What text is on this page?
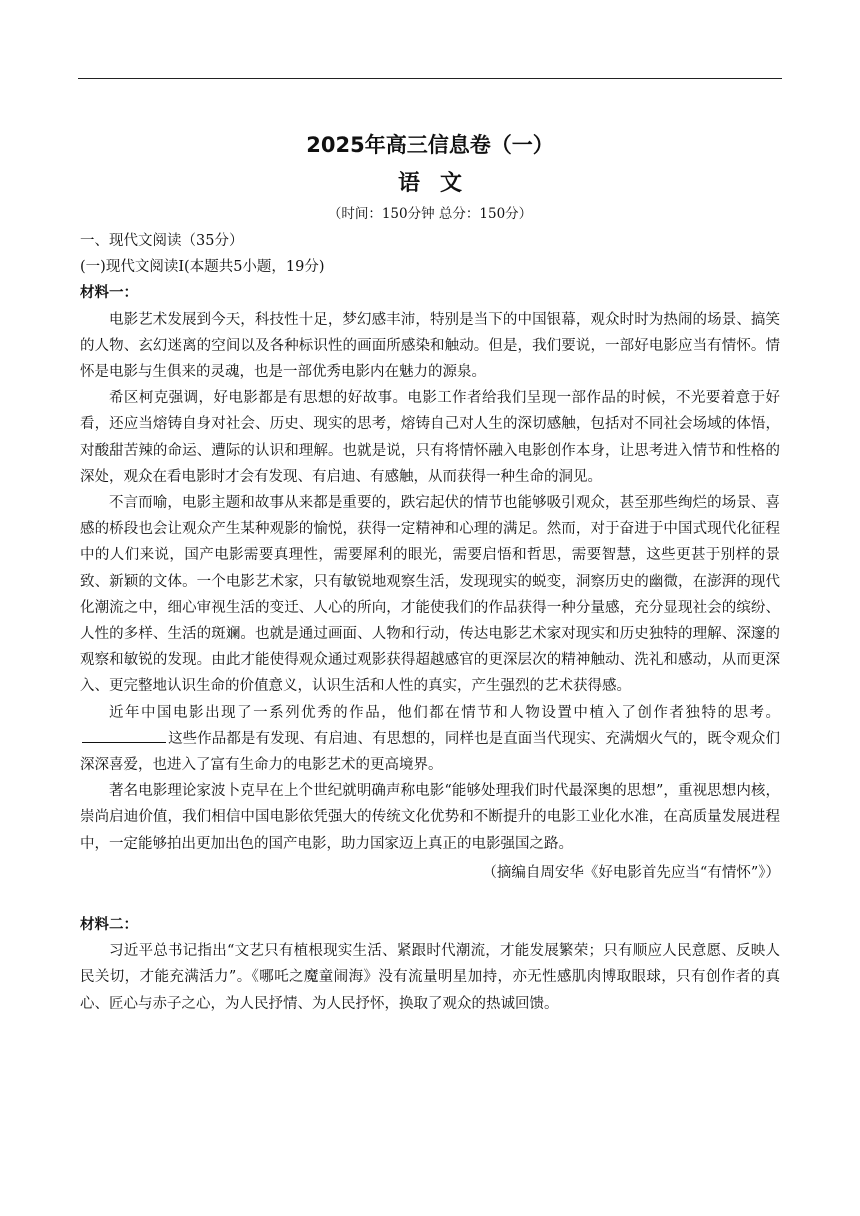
2025年高三信息卷（一）
语文
（时间：150分钟 总分：150分）

一、现代文阅读（35分）

(一)现代文阅读Ⅰ(本题共5小题，19分)

材料一：

电影艺术发展到今天，科技性十足，梦幻感丰沛，特别是当下的中国银幕，观众时时为热闹的场景、搞笑的人物、玄幻迷离的空间以及各种标识性的画面所感染和触动。但是，我们要说，一部好电影应当有情怀。情怀是电影与生俱来的灵魂，也是一部优秀电影内在魅力的源泉。

希区柯克强调，好电影都是有思想的好故事。电影工作者给我们呈现一部作品的时候，不光要着意于好看，还应当熔铸自身对社会、历史、现实的思考，熔铸自己对人生的深切感触，包括对不同社会场域的体悟，对酸甜苦辣的命运、遭际的认识和理解。也就是说，只有将情怀融入电影创作本身，让思考进入情节和性格的深处，观众在看电影时才会有发现、有启迪、有感触，从而获得一种生命的洞见。

不言而喻，电影主题和故事从来都是重要的，跌宕起伏的情节也能够吸引观众，甚至那些绚烂的场景、喜感的桥段也会让观众产生某种观影的愉悦，获得一定精神和心理的满足。然而，对于奋进于中国式现代化征程中的人们来说，国产电影需要真理性，需要犀利的眼光，需要启悟和哲思，需要智慧，这些更甚于别样的景致、新颖的文体。一个电影艺术家，只有敏锐地观察生活，发现现实的蜕变，洞察历史的幽微，在澎湃的现代化潮流之中，细心审视生活的变迁、人心的所向，才能使我们的作品获得一种分量感，充分显现社会的缤纷、人性的多样、生活的斑斓。也就是通过画面、人物和行动，传达电影艺术家对现实和历史独特的理解、深邃的观察和敏锐的发现。由此才能使得观众通过观影获得超越感官的更深层次的精神触动、洗礼和感动，从而更深入、更完整地认识生命的价值意义，认识生活和人性的真实，产生强烈的艺术获得感。

近年中国电影出现了一系列优秀的作品，他们都在情节和人物设置中植入了创作者独特的思考。这些作品都是有发现、有启迪、有思想的，同样也是直面当代现实、充满烟火气的，既令观众们深深喜爱，也进入了富有生命力的电影艺术的更高境界。

著名电影理论家波卜克早在上个世纪就明确声称电影“能够处理我们时代最深奥的思想”，重视思想内核，崇尚启迪价值，我们相信中国电影依凭强大的传统文化优势和不断提升的电影工业化水准，在高质量发展进程中，一定能够拍出更加出色的国产电影，助力国家迈上真正的电影强国之路。

（摘编自周安华《好电影首先应当“有情怀”》）

材料二：

习近平总书记指出“文艺只有植根现实生活、紧跟时代潮流，才能发展繁荣；只有顺应人民意愿、反映人民关切，才能充满活力”。《哪吒之魔童闹海》没有流量明星加持，亦无性感肌肉博取眼球，只有创作者的真心、匠心与赤子之心，为人民抒情、为人民抒怀，换取了观众的热诚回馈。
